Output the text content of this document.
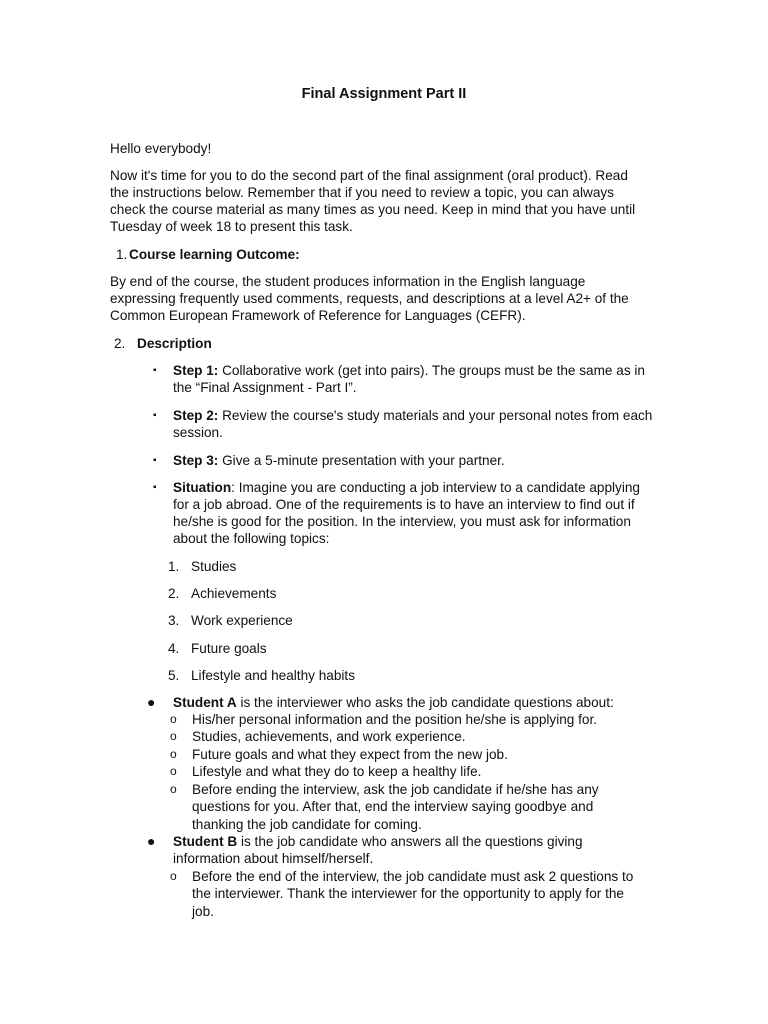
Final Assignment Part II
Hello everybody!
Now it's time for you to do the second part of the final assignment (oral product). Read
the instructions below. Remember that if you need to review a topic, you can always
check the course material as many times as you need. Keep in mind that you have until
Tuesday of week 18 to present this task.
1. Course learning Outcome:
By end of the course, the student produces information in the English language
expressing frequently used comments, requests, and descriptions at a level A2+ of the
Common European Framework of Reference for Languages (CEFR).
2. Description
▪ Step 1: Collaborative work (get into pairs). The groups must be the same as in
the “Final Assignment - Part I”.
▪ Step 2: Review the course's study materials and your personal notes from each
session.
▪ Step 3: Give a 5-minute presentation with your partner.
▪ Situation: Imagine you are conducting a job interview to a candidate applying
for a job abroad. One of the requirements is to have an interview to find out if
he/she is good for the position. In the interview, you must ask for information
about the following topics:
1. Studies
2. Achievements
3. Work experience
4. Future goals
5. Lifestyle and healthy habits
● Student A is the interviewer who asks the job candidate questions about:
o His/her personal information and the position he/she is applying for.
o Studies, achievements, and work experience.
o Future goals and what they expect from the new job.
o Lifestyle and what they do to keep a healthy life.
o Before ending the interview, ask the job candidate if he/she has any
questions for you. After that, end the interview saying goodbye and
thanking the job candidate for coming.
● Student B is the job candidate who answers all the questions giving
information about himself/herself.
o Before the end of the interview, the job candidate must ask 2 questions to
the interviewer. Thank the interviewer for the opportunity to apply for the
job.
